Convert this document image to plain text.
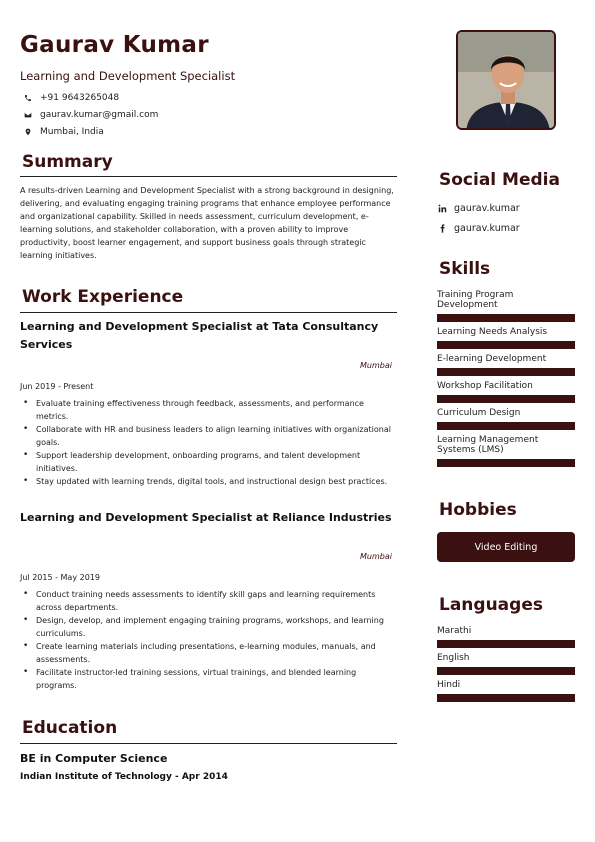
Gaurav Kumar
Learning and Development Specialist
+91 9643265048
gaurav.kumar@gmail.com
Mumbai, India
Summary
A results-driven Learning and Development Specialist with a strong background in designing, delivering, and evaluating engaging training programs that enhance employee performance and organizational capability. Skilled in needs assessment, curriculum development, e-learning solutions, and stakeholder collaboration, with a proven ability to improve productivity, boost learner engagement, and support business goals through strategic learning initiatives.
Work Experience
Learning and Development Specialist at Tata Consultancy Services
Mumbai
Jun 2019 - Present
• Evaluate training effectiveness through feedback, assessments, and performance metrics.
• Collaborate with HR and business leaders to align learning initiatives with organizational goals.
• Support leadership development, onboarding programs, and talent development initiatives.
• Stay updated with learning trends, digital tools, and instructional design best practices.
Learning and Development Specialist at Reliance Industries
Mumbai
Jul 2015 - May 2019
• Conduct training needs assessments to identify skill gaps and learning requirements across departments.
• Design, develop, and implement engaging training programs, workshops, and learning curriculums.
• Create learning materials including presentations, e-learning modules, manuals, and assessments.
• Facilitate instructor-led training sessions, virtual trainings, and blended learning programs.
Education
BE in Computer Science
Indian Institute of Technology - Apr 2014
Social Media
gaurav.kumar
gaurav.kumar
Skills
Training Program Development
Learning Needs Analysis
E-learning Development
Workshop Facilitation
Curriculum Design
Learning Management Systems (LMS)
Hobbies
Video Editing
Languages
Marathi
English
Hindi
